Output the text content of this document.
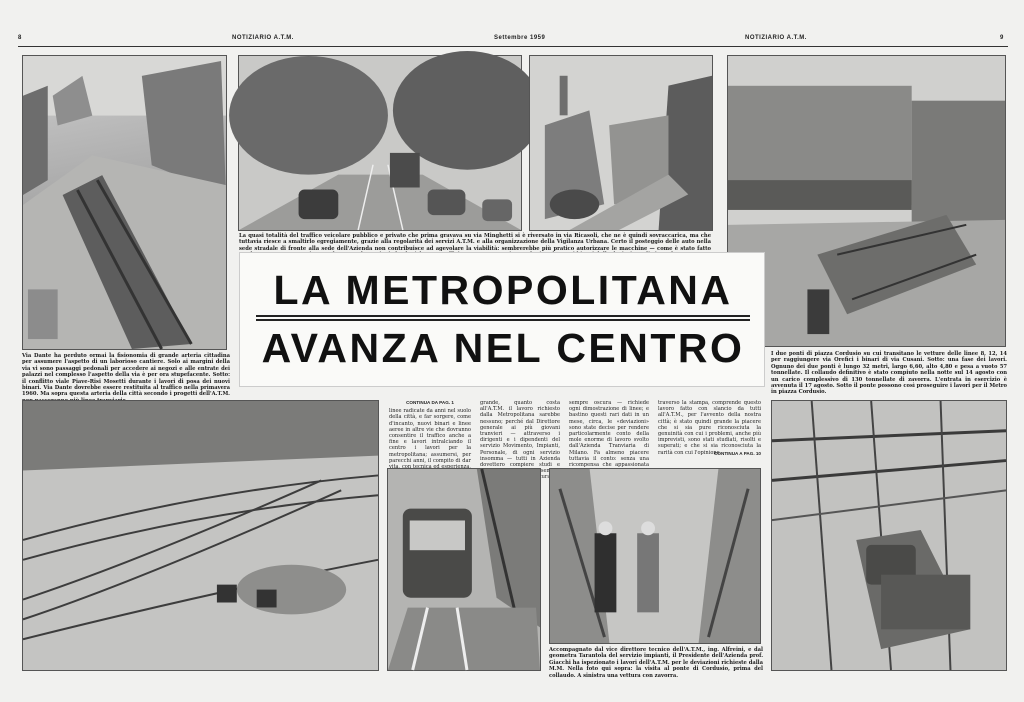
8	NOTIZIARIO A.T.M.	Settembre 1959	NOTIZIARIO A.T.M.	9
La quasi totalità del traffico veicolare pubblico e privato che prima gravava su via Minghetti si è riversato in via Ricasoli, che ne è quindi sovraccarica, ma che tuttavia riesce a smaltirlo egregiamente, grazie alla regolarità dei servizi A.T.M. e alla organizzazione della Vigilanza Urbana. Certo il posteggio delle auto nella sede stradale di fronte alla sede dell'Azienda non contribuisce ad agevolare la viabilità: sembrerebbe più pratico autorizzare le macchine — come è stato fatto
LA METROPOLITANA
AVANZA NEL CENTRO
Via Dante ha perduto ormai la fisionomia di grande arteria cittadina per assumere l'aspetto di un laborioso cantiere. Solo ai margini della via vi sono passaggi pedonali per accedere ai negozi e alle entrate dei palazzi nel complesso l'aspetto della via è per ora stupefacente. Sotto: il conflitto viale Piave-Risi Mosetti durante i lavori di posa dei nuovi binari. Via Dante dovrebbe essere restituita al traffico nella primavera 1960. Ma sopra questa arteria della città secondo i progetti dell'A.T.M.
I due ponti di piazza Cordusio su cui transitano le vetture delle linee 8, 12, 14 per raggiungere via Orefici i binari di via Cusani. Sotto: una fase dei lavori. Ognuno dei due ponti è lungo 32 metri, largo 6,60, alto 4,80 e pesa a vuoto 57 tonnellate. Il collaudo definitivo è stato compiuto nella notte sul 14 agosto con un carico complessivo di 130 tonnellate di zavorra. L'entrata in esercizio è avvenuta il 17 agosto. Sotto il ponte possono così proseguire i lavori per il Metro in piazza Cordusio.
CONTINUA DA PAG. 1
linee radicate da anni nel suolo della città, e far sorgere, come d'incanto, nuovi binari e linee aeree in altre vie che dovranno consentire il traffico anche a fine e lavori intralciando il centro i lavori per la metropolitana; assumersi, per parecchi anni, il compito di dar
grande, quanto costa all'A.T.M. il lavoro richiesto dalla Metropolitana sarebbe nessuno; perché dal Direttore generale ai più giovani tranvieri — attraverso i dirigenti e i dipendenti del servizio Movimento, Impianti, Personale, di ogni servizio insomma — tutti in Azienda dovettero compiere studi e assicurando
sempre oscura — richiede ogni dimostrazione di linee; e bastino questi rari dati in un mese, circa, le «deviazioni» sono state decise per rendere particolarmente conto della mole enorme di lavoro svolto dall'Azienda Tranviaria di Milano. Fa almeno piacere tuttavia il conto: senza una ricompensa che appassionata
traverso la stampa, comprende questo lavoro fatto con slancio da tutti all'A.T.M., per l'avvento della nostra città; è stato quindi grande la piacere che si sia pure riconosciuta la genuinità con cui i problemi, anche più imprevisti, sono stati studiati, risolti e superati; e che si sia riconosciuta la rarità con cui l'opinione
CONTINUA A PAG. 10
Accompagnato dal vice direttore tecnico dell'A.T.M., ing. Alfreini, e dal geometra Tarantola del servizio impianti, il Presidente dell'Azienda prof. Giacchi ha ispezionato i lavori dell'A.T.M. per le deviazioni richieste dalla M.M. Nella foto qui sopra: la visita al ponte di Cordusio, prima del collaudo. A sinistra una vettura con zavorra.
